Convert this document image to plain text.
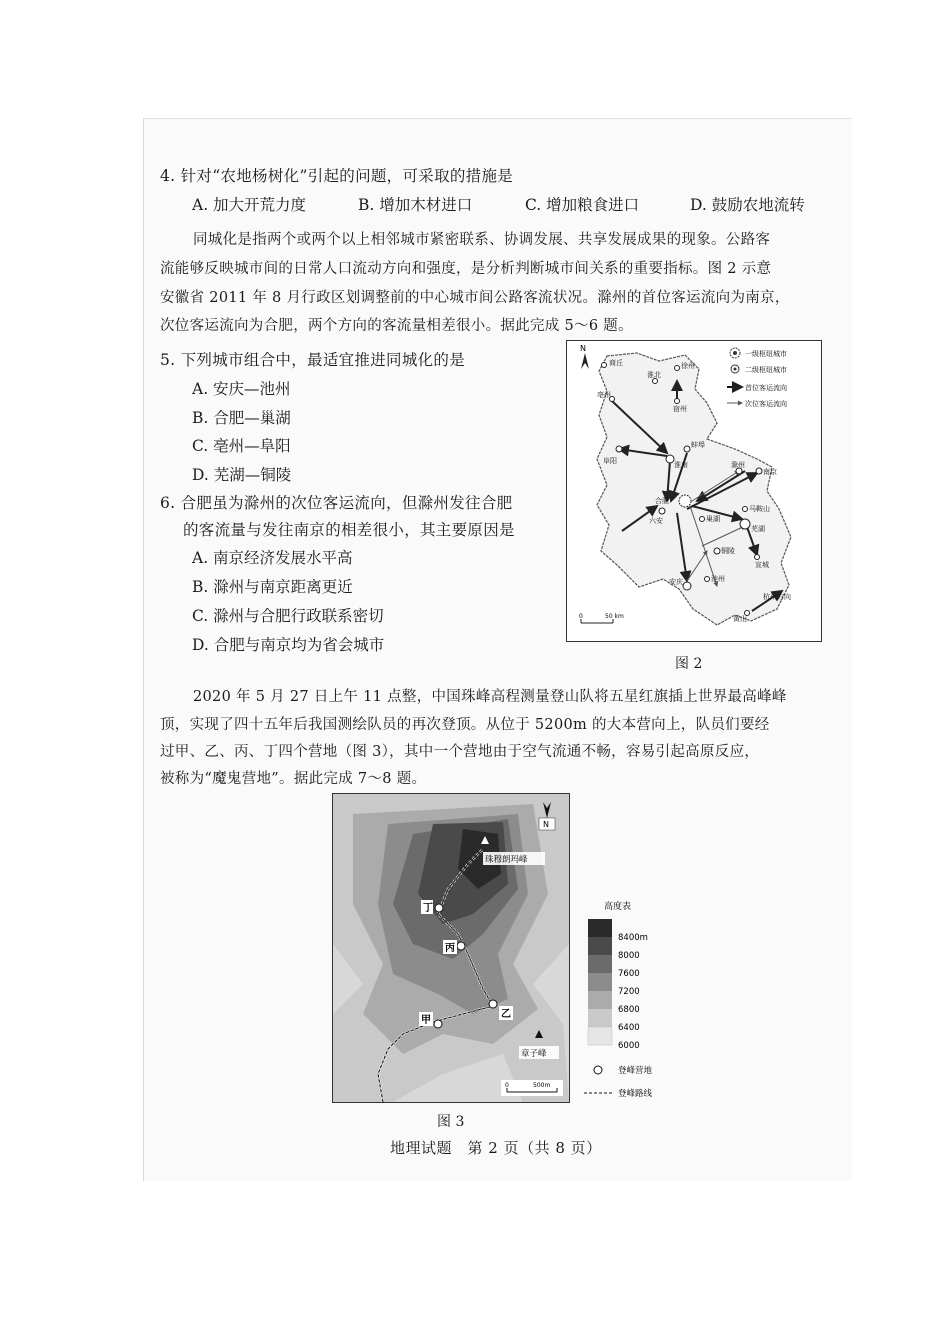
4. 针对“农地杨树化”引起的问题，可采取的措施是
A. 加大开荒力度	B. 增加木材进口	C. 增加粮食进口	D. 鼓励农地流转
同城化是指两个或两个以上相邻城市紧密联系、协调发展、共享发展成果的现象。公路客
流能够反映城市间的日常人口流动方向和强度，是分析判断城市间关系的重要指标。图 2 示意
安徽省 2011 年 8 月行政区划调整前的中心城市间公路客流状况。滁州的首位客运流向为南京，
次位客运流向为合肥，两个方向的客流量相差很小。据此完成 5～6 题。
5. 下列城市组合中，最适宜推进同城化的是
A. 安庆—池州
B. 合肥—巢湖
C. 亳州—阜阳
D. 芜湖—铜陵
6. 合肥虽为滁州的次位客运流向，但滁州发往合肥
的客流量与发往南京的相差很小，其主要原因是
A. 南京经济发展水平高
B. 滁州与南京距离更近
C. 滁州与合肥行政联系密切
D. 合肥与南京均为省会城市
N
一级枢纽城市
二级枢纽城市
首位客运流向
次位客运流向
商丘
淮北
徐州
宿州
亳州
蚌埠
阜阳	淮南	滁州
南京
合肥
巢湖
马鞍山
六安
芜湖
铜陵
宣城
安庆	池州
黄山
杭州方向
0	50 km
图 2
2020 年 5 月 27 日上午 11 点整，中国珠峰高程测量登山队将五星红旗插上世界最高峰峰
顶，实现了四十五年后我国测绘队员的再次登顶。从位于 5200m 的大本营向上，队员们要经
过甲、乙、丙、丁四个营地（图 3），其中一个营地由于空气流通不畅，容易引起高原反应，
被称为“魔鬼营地”。据此完成 7～8 题。
N
珠穆朗玛峰
丁
丙
乙
甲
章子峰
0	500m
高度表
8400m
8000
7600
7200
6800
6400
6000
登峰营地
登峰路线
图 3
地理试题　第 2 页（共 8 页）
